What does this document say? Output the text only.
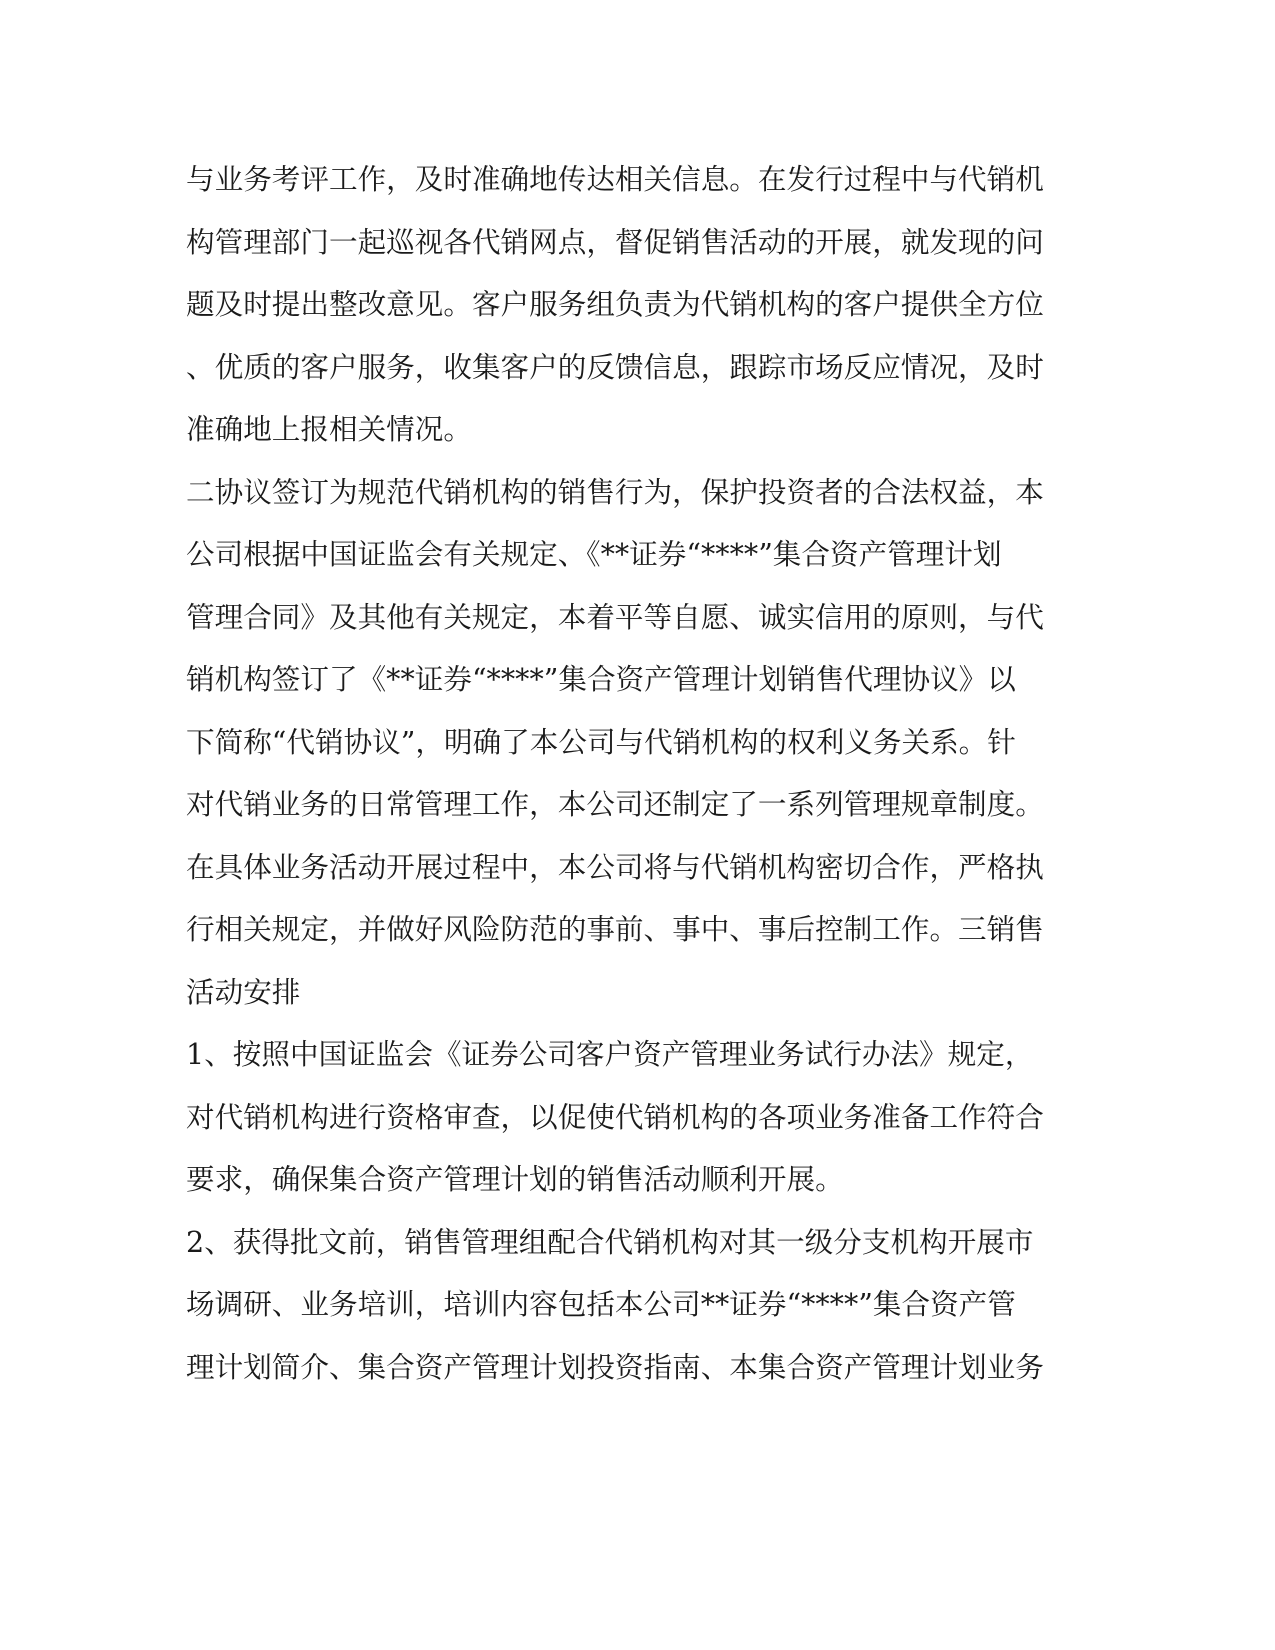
与业务考评工作，及时准确地传达相关信息。在发行过程中与代销机
构管理部门一起巡视各代销网点，督促销售活动的开展，就发现的问
题及时提出整改意见。客户服务组负责为代销机构的客户提供全方位
、优质的客户服务，收集客户的反馈信息，跟踪市场反应情况，及时
准确地上报相关情况。
二协议签订为规范代销机构的销售行为，保护投资者的合法权益，本
公司根据中国证监会有关规定、《**证券“****”集合资产管理计划
管理合同》及其他有关规定，本着平等自愿、诚实信用的原则，与代
销机构签订了《**证券“****”集合资产管理计划销售代理协议》以
下简称“代销协议”，明确了本公司与代销机构的权利义务关系。针
对代销业务的日常管理工作，本公司还制定了一系列管理规章制度。
在具体业务活动开展过程中，本公司将与代销机构密切合作，严格执
行相关规定，并做好风险防范的事前、事中、事后控制工作。三销售
活动安排
1、按照中国证监会《证券公司客户资产管理业务试行办法》规定，
对代销机构进行资格审查，以促使代销机构的各项业务准备工作符合
要求，确保集合资产管理计划的销售活动顺利开展。
2、获得批文前，销售管理组配合代销机构对其一级分支机构开展市
场调研、业务培训，培训内容包括本公司**证券“****”集合资产管
理计划简介、集合资产管理计划投资指南、本集合资产管理计划业务
